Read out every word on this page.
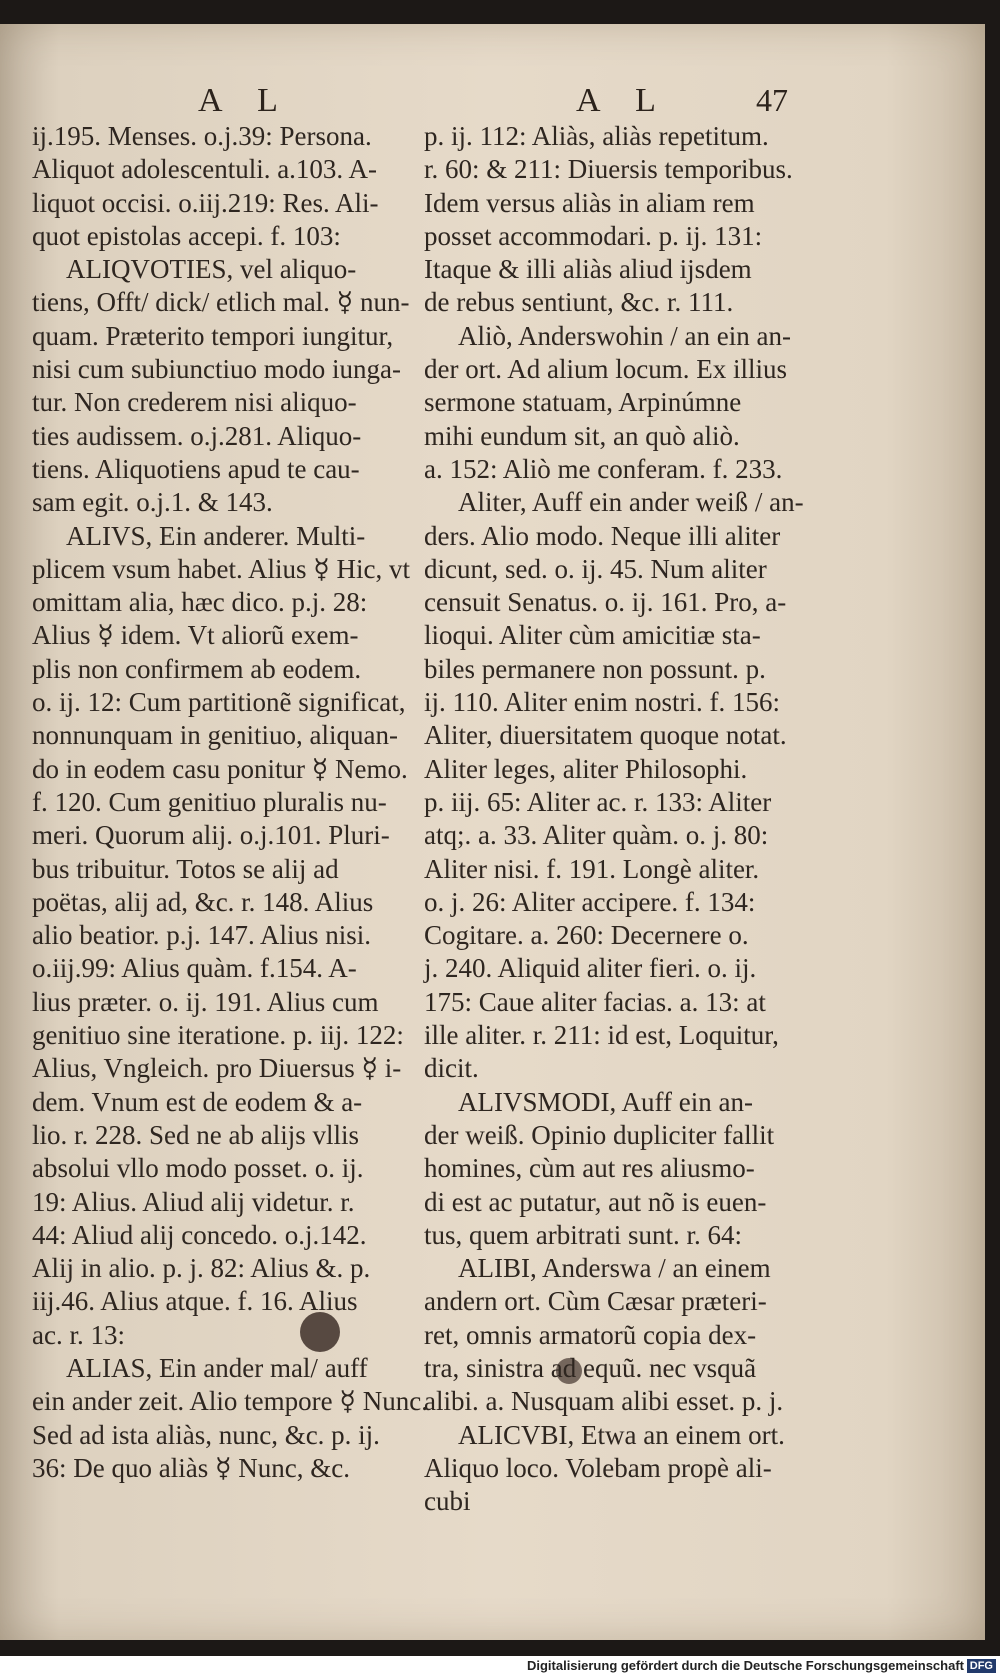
A L	A L	47
ij.195. Menses. o.j.39: Persona.
Aliquot adolescentuli. a.103. A-
liquot occisi. o.iij.219: Res. Ali-
quot epistolas accepi. f. 103:
ALIQVOTIES, vel aliquo-
tiens, Offt/ dick/ etlich mal. ☿ nun-
quam. Præterito tempori iungitur,
nisi cum subiunctiuo modo iunga-
tur. Non crederem nisi aliquo-
ties audissem. o.j.281. Aliquo-
tiens. Aliquotiens apud te cau-
sam egit. o.j.1. & 143.
ALIVS, Ein anderer. Multi-
plicem vsum habet. Alius ☿ Hic, vt
omittam alia, hæc dico. p.j. 28:
Alius ☿ idem. Vt aliorũ exem-
plis non confirmem ab eodem.
o. ij. 12: Cum partitionẽ significat,
nonnunquam in genitiuo, aliquan-
do in eodem casu ponitur ☿ Nemo.
f. 120. Cum genitiuo pluralis nu-
meri. Quorum alij. o.j.101. Pluri-
bus tribuitur. Totos se alij ad
poëtas, alij ad, &c. r. 148. Alius
alio beatior. p.j. 147. Alius nisi.
o.iij.99: Alius quàm. f.154. A-
lius præter. o. ij. 191. Alius cum
genitiuo sine iteratione. p. iij. 122:
Alius, Vngleich. pro Diuersus ☿ i-
dem. Vnum est de eodem & a-
lio. r. 228. Sed ne ab alijs vllis
absolui vllo modo posset. o. ij.
19: Alius. Aliud alij videtur. r.
44: Aliud alij concedo. o.j.142.
Alij in alio. p. j. 82: Alius &. p.
iij.46. Alius atque. f. 16. Alius
ac. r. 13:
ALIAS, Ein ander mal/ auff
ein ander zeit. Alio tempore ☿ Nunc.
Sed ad ista aliàs, nunc, &c. p. ij.
36: De quo aliàs ☿ Nunc, &c.
p. ij. 112: Aliàs, aliàs repetitum.
r. 60: & 211: Diuersis temporibus.
Idem versus aliàs in aliam rem
posset accommodari. p. ij. 131:
Itaque & illi aliàs aliud ijsdem
de rebus sentiunt, &c. r. 111.
Aliò, Anderswohin / an ein an-
der ort. Ad alium locum. Ex illius
sermone statuam, Arpinúmne
mihi eundum sit, an quò aliò.
a. 152: Aliò me conferam. f. 233.
Aliter, Auff ein ander weiß / an-
ders. Alio modo. Neque illi aliter
dicunt, sed. o. ij. 45. Num aliter
censuit Senatus. o. ij. 161. Pro, a-
lioqui. Aliter cùm amicitiæ sta-
biles permanere non possunt. p.
ij. 110. Aliter enim nostri. f. 156:
Aliter, diuersitatem quoque notat.
Aliter leges, aliter Philosophi.
p. iij. 65: Aliter ac. r. 133: Aliter
atq;. a. 33. Aliter quàm. o. j. 80:
Aliter nisi. f. 191. Longè aliter.
o. j. 26: Aliter accipere. f. 134:
Cogitare. a. 260: Decernere o.
j. 240. Aliquid aliter fieri. o. ij.
175: Caue aliter facias. a. 13: at
ille aliter. r. 211: id est, Loquitur,
dicit.
ALIVSMODI, Auff ein an-
der weiß. Opinio dupliciter fallit
homines, cùm aut res aliusmo-
di est ac putatur, aut nõ is euen-
tus, quem arbitrati sunt. r. 64:
ALIBI, Anderswa / an einem
andern ort. Cùm Cæsar præteri-
ret, omnis armatorũ copia dex-
tra, sinistra ad equũ. nec vsquã
alibi. a. Nusquam alibi esset. p. j.
ALICVBI, Etwa an einem ort.
Aliquo loco. Volebam propè ali-
cubi
Digitalisierung gefördert durch die Deutsche Forschungsgemeinschaft DFG
